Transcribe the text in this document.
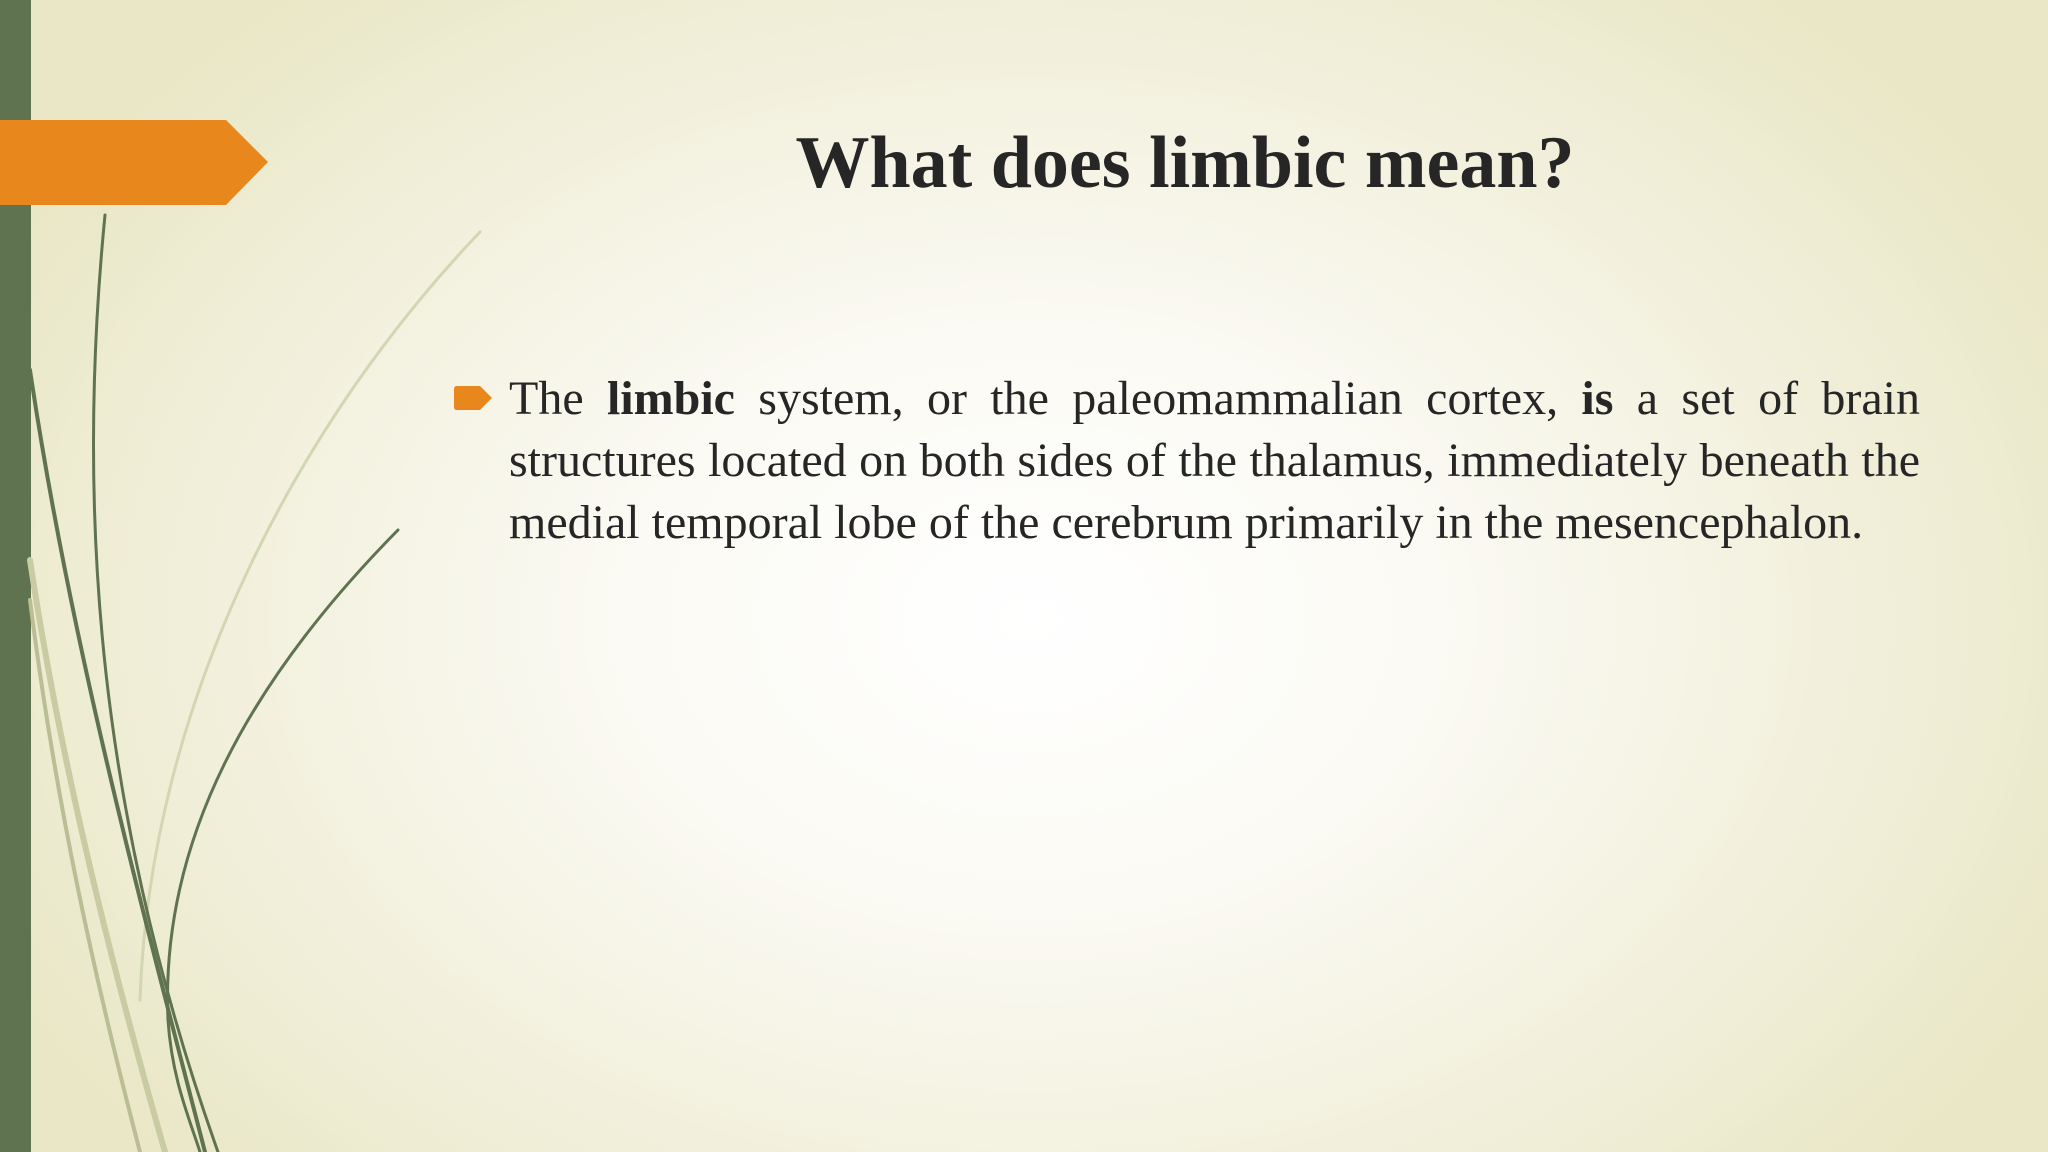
What does limbic mean?

The limbic system, or the paleomammalian cortex, is a set of brain structures located on both sides of the thalamus, immediately beneath the medial temporal lobe of the cerebrum primarily in the mesencephalon.
